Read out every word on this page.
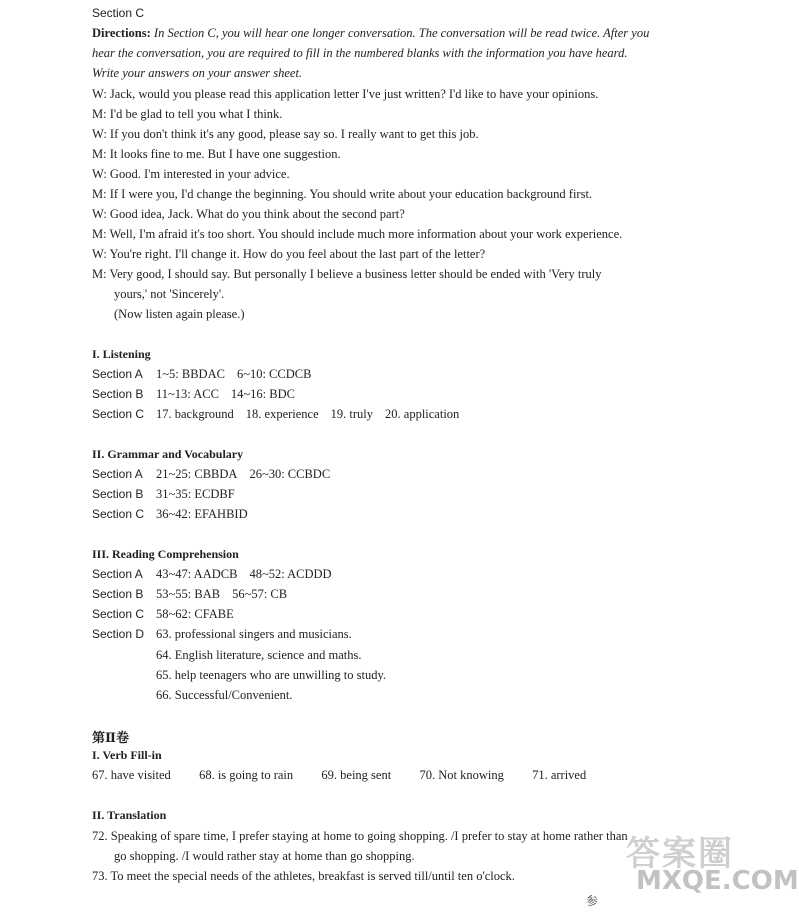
Section C
Directions: In Section C, you will hear one longer conversation. The conversation will be read twice. After you
hear the conversation, you are required to fill in the numbered blanks with the information you have heard.
Write your answers on your answer sheet.
W: Jack, would you please read this application letter I've just written? I'd like to have your opinions.
M: I'd be glad to tell you what I think.
W: If you don't think it's any good, please say so. I really want to get this job.
M: It looks fine to me. But I have one suggestion.
W: Good. I'm interested in your advice.
M: If I were you, I'd change the beginning. You should write about your education background first.
W: Good idea, Jack. What do you think about the second part?
M: Well, I'm afraid it's too short. You should include much more information about your work experience.
W: You're right. I'll change it. How do you feel about the last part of the letter?
M: Very good, I should say. But personally I believe a business letter should be ended with 'Very truly
yours,' not 'Sincerely'.
(Now listen again please.)
I. Listening
Section A 1~5: BBDAC 6~10: CCDCB
Section B 11~13: ACC 14~16: BDC
Section C 17. background 18. experience 19. truly 20. application
II. Grammar and Vocabulary
Section A 21~25: CBBDA 26~30: CCBDC
Section B 31~35: ECDBF
Section C 36~42: EFAHBID
III. Reading Comprehension
Section A 43~47: AADCB 48~52: ACDDD
Section B 53~55: BAB 56~57: CB
Section C 58~62: CFABE
Section D 63. professional singers and musicians.
64. English literature, science and maths.
65. help teenagers who are unwilling to study.
66. Successful/Convenient.
第Ⅱ卷
I. Verb Fill-in
67. have visited 68. is going to rain 69. being sent 70. Not knowing 71. arrived
II. Translation
72. Speaking of spare time, I prefer staying at home to going shopping. /I prefer to stay at home rather than
go shopping. /I would rather stay at home than go shopping.
73. To meet the special needs of the athletes, breakfast is served till/until ten o'clock.
答案圈
MXQE.COM
参
